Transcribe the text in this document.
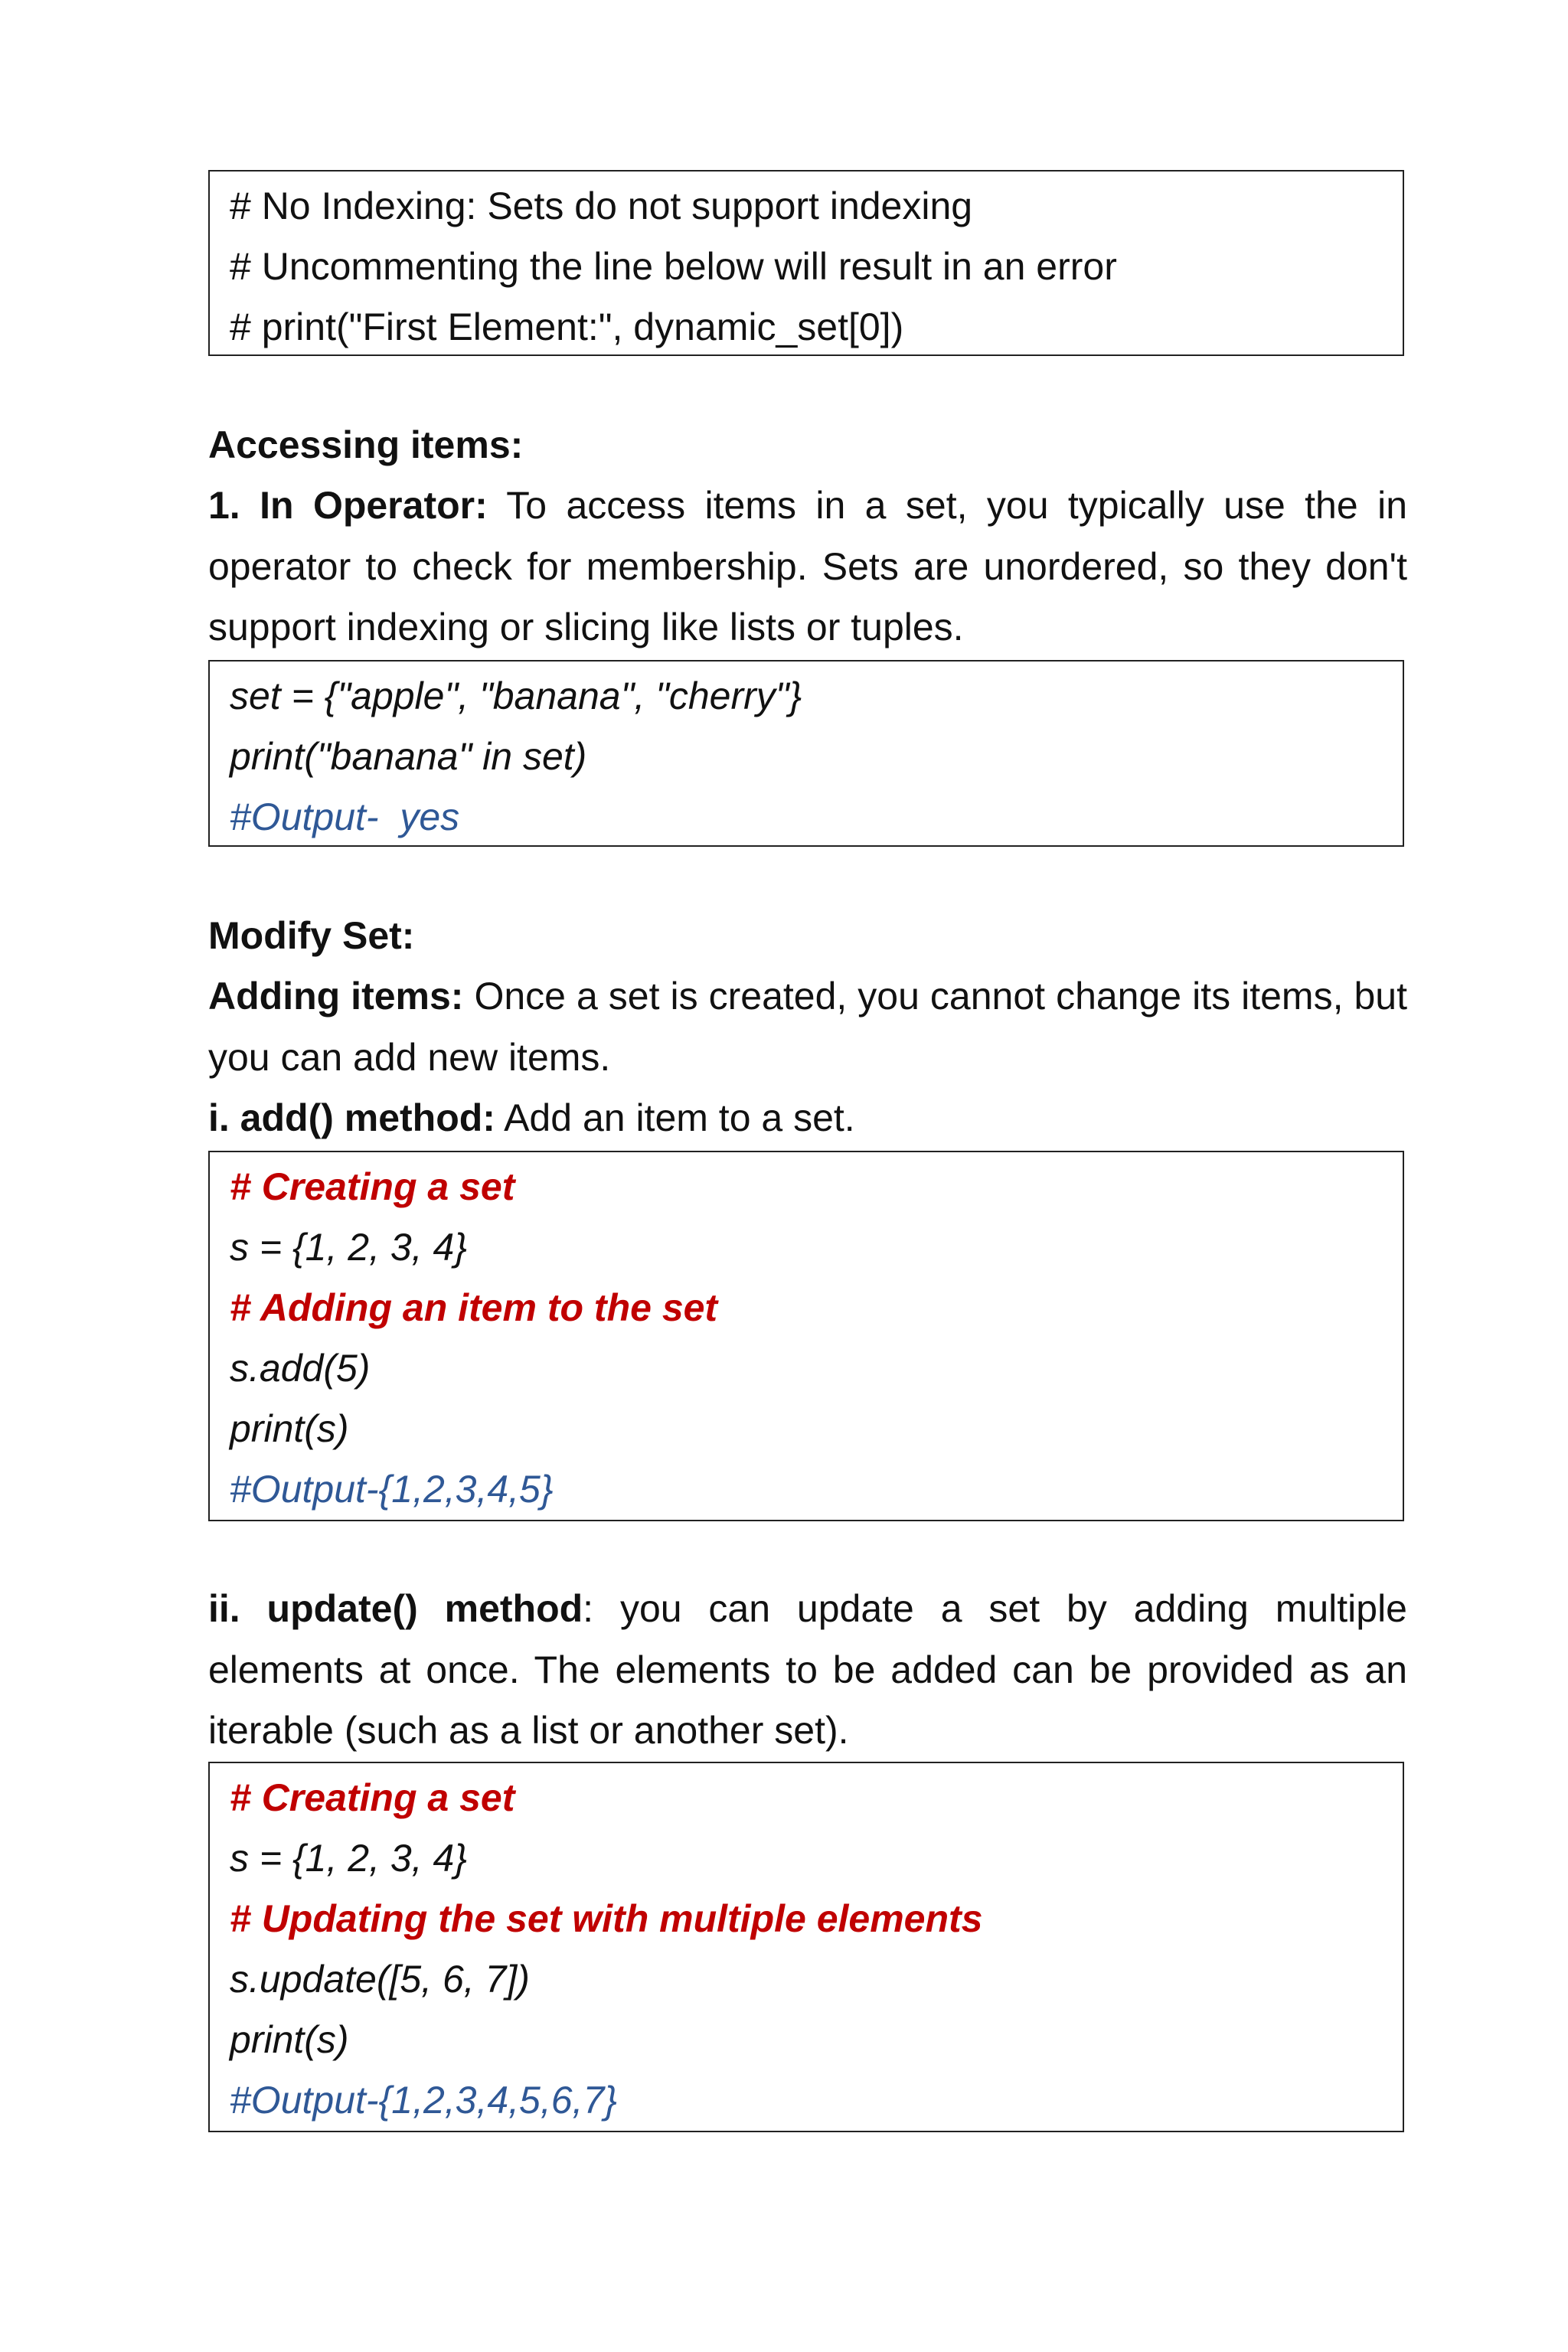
# No Indexing: Sets do not support indexing
# Uncommenting the line below will result in an error
# print("First Element:", dynamic_set[0])
Accessing items:
1. In Operator: To access items in a set, you typically use the in operator to check for membership. Sets are unordered, so they don't support indexing or slicing like lists or tuples.
set = {"apple", "banana", "cherry"}
print("banana" in set)
#Output-  yes
Modify Set:
Adding items: Once a set is created, you cannot change its items, but you can add new items.
i. add() method: Add an item to a set.
# Creating a set
s = {1, 2, 3, 4}
# Adding an item to the set
s.add(5)
print(s)
#Output-{1,2,3,4,5}
ii. update() method: you can update a set by adding multiple elements at once. The elements to be added can be provided as an iterable (such as a list or another set).
# Creating a set
s = {1, 2, 3, 4}
# Updating the set with multiple elements
s.update([5, 6, 7])
print(s)
#Output-{1,2,3,4,5,6,7}
